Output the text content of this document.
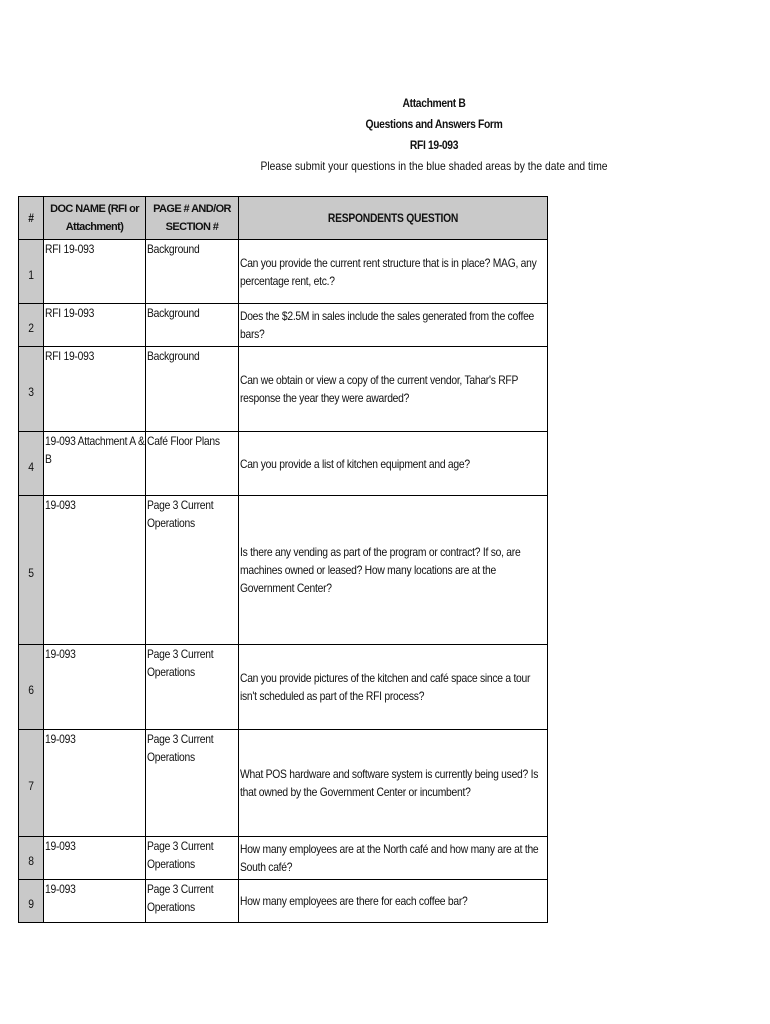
Attachment B
Questions and Answers Form
RFI 19-093
Please submit your questions in the blue shaded areas by the date and time
#	DOC NAME (RFI or Attachment)	PAGE # AND/OR SECTION #	RESPONDENTS QUESTION

1	RFI 19-093	Background	Can you provide the current rent structure that is in place? MAG, any percentage rent, etc.?

2	RFI 19-093	Background	Does the $2.5M in sales include the sales generated from the coffee bars?

3	RFI 19-093	Background	Can we obtain or view a copy of the current vendor, Tahar's RFP response the year they were awarded?

4	19-093 Attachment A & B	Café Floor Plans	Can you provide a list of kitchen equipment and age?

5	19-093	Page 3 Current Operations	Is there any vending as part of the program or contract? If so, are machines owned or leased? How many locations are at the Government Center?

6	19-093	Page 3 Current Operations	Can you provide pictures of the kitchen and café space since a tour isn't scheduled as part of the RFI process?

7	19-093	Page 3 Current Operations	What POS hardware and software system is currently being used? Is that owned by the Government Center or incumbent?

8	19-093	Page 3 Current Operations	How many employees are at the North café and how many are at the South café?

9	19-093	Page 3 Current Operations	How many employees are there for each coffee bar?
